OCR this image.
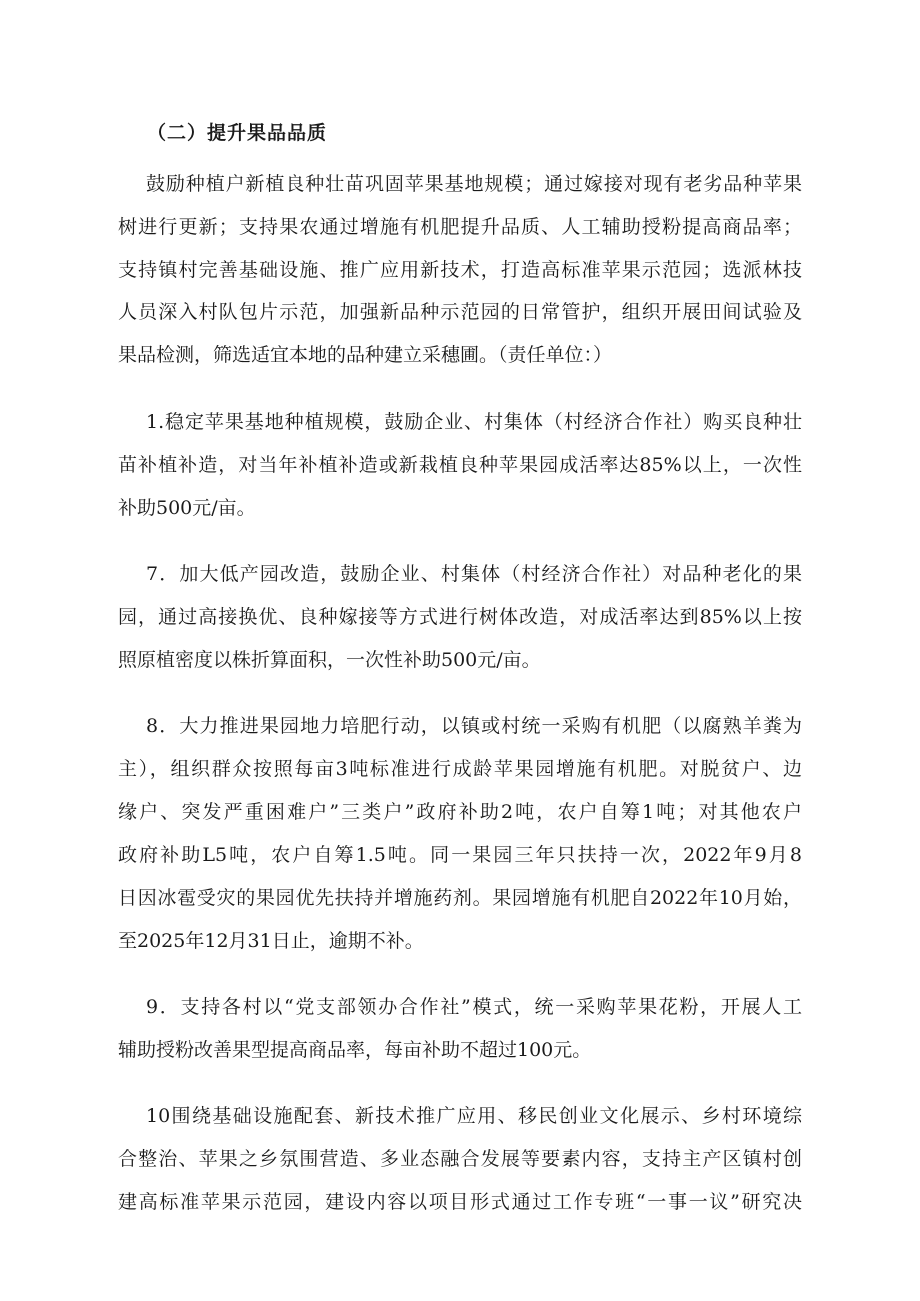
（二）提升果品品质
鼓励种植户新植良种壮苗巩固苹果基地规模；通过嫁接对现有老劣品种苹果
树进行更新；支持果农通过增施有机肥提升品质、人工辅助授粉提高商品率；
支持镇村完善基础设施、推广应用新技术，打造高标准苹果示范园；选派林技
人员深入村队包片示范，加强新品种示范园的日常管护，组织开展田间试验及
果品检测，筛选适宜本地的品种建立采穗圃。（责任单位：）
1.稳定苹果基地种植规模，鼓励企业、村集体（村经济合作社）购买良种壮
苗补植补造，对当年补植补造或新栽植良种苹果园成活率达85%以上，一次性
补助500元/亩。
7．加大低产园改造，鼓励企业、村集体（村经济合作社）对品种老化的果
园，通过高接换优、良种嫁接等方式进行树体改造，对成活率达到85%以上按
照原植密度以株折算面积，一次性补助500元/亩。
8．大力推进果园地力培肥行动，以镇或村统一采购有机肥（以腐熟羊粪为
主），组织群众按照每亩3吨标准进行成龄苹果园增施有机肥。对脱贫户、边
缘户、突发严重困难户”三类户”政府补助2吨，农户自筹1吨；对其他农户
政府补助L5吨，农户自筹1.5吨。同一果园三年只扶持一次，2022年9月8
日因冰雹受灾的果园优先扶持并增施药剂。果园增施有机肥自2022年10月始，
至2025年12月31日止，逾期不补。
9．支持各村以“党支部领办合作社”模式，统一采购苹果花粉，开展人工
辅助授粉改善果型提高商品率，每亩补助不超过100元。
10围绕基础设施配套、新技术推广应用、移民创业文化展示、乡村环境综
合整治、苹果之乡氛围营造、多业态融合发展等要素内容，支持主产区镇村创
建高标准苹果示范园，建设内容以项目形式通过工作专班“一事一议”研究决
